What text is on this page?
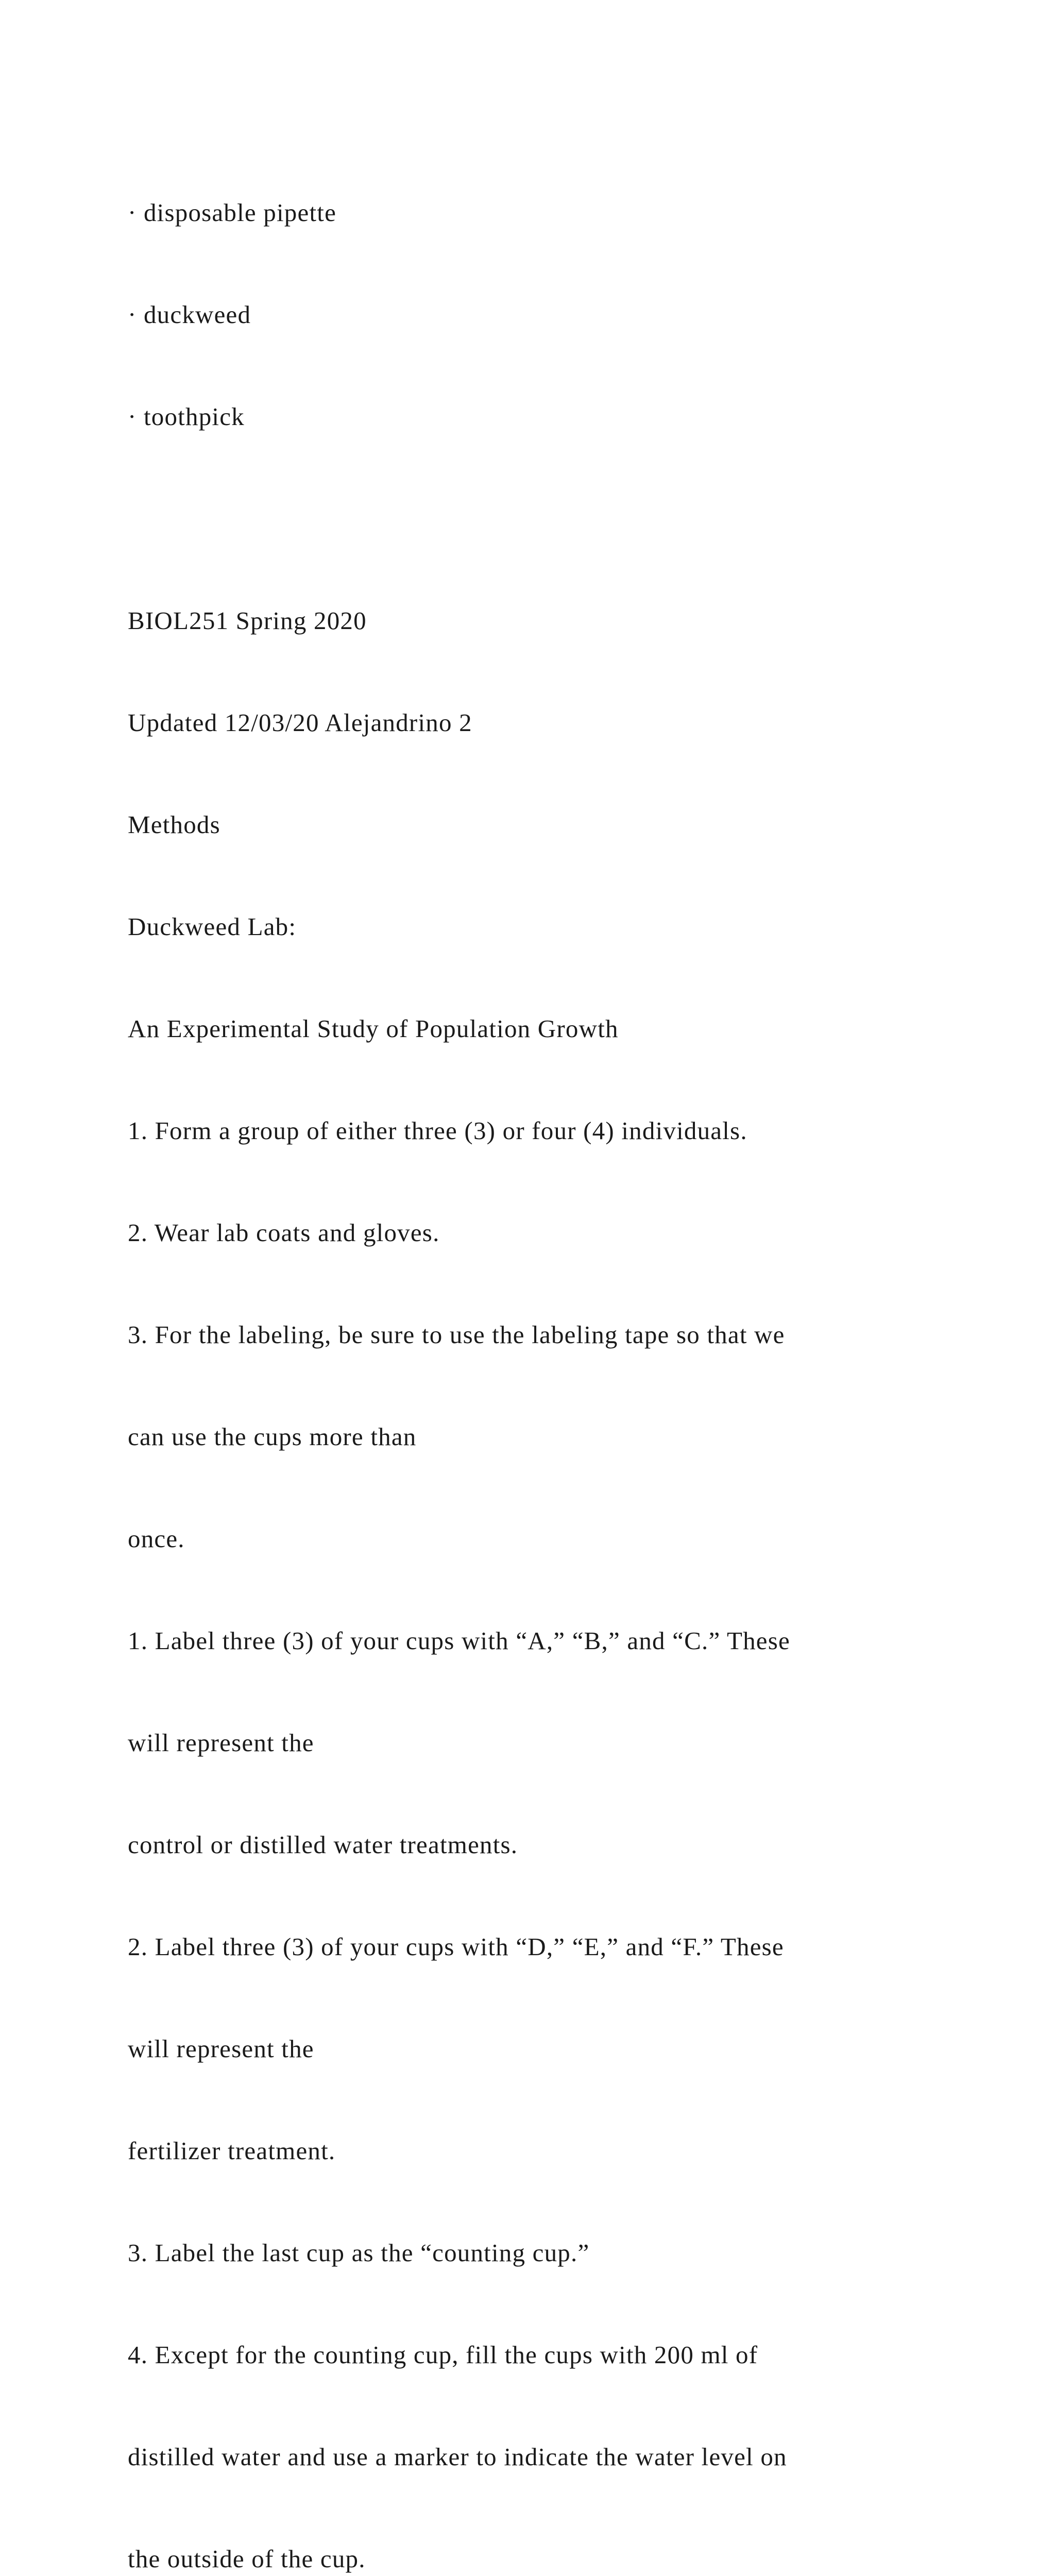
· disposable pipette

· duckweed

· toothpick

BIOL251 Spring 2020

Updated 12/03/20 Alejandrino 2

Methods

Duckweed Lab:

An Experimental Study of Population Growth

1. Form a group of either three (3) or four (4) individuals.

2. Wear lab coats and gloves.

3. For the labeling, be sure to use the labeling tape so that we

can use the cups more than

once.

1. Label three (3) of your cups with “A,” “B,” and “C.” These

will represent the

control or distilled water treatments.

2. Label three (3) of your cups with “D,” “E,” and “F.” These

will represent the

fertilizer treatment.

3. Label the last cup as the “counting cup.”

4. Except for the counting cup, fill the cups with 200 ml of

distilled water and use a marker to indicate the water level on

the outside of the cup.
